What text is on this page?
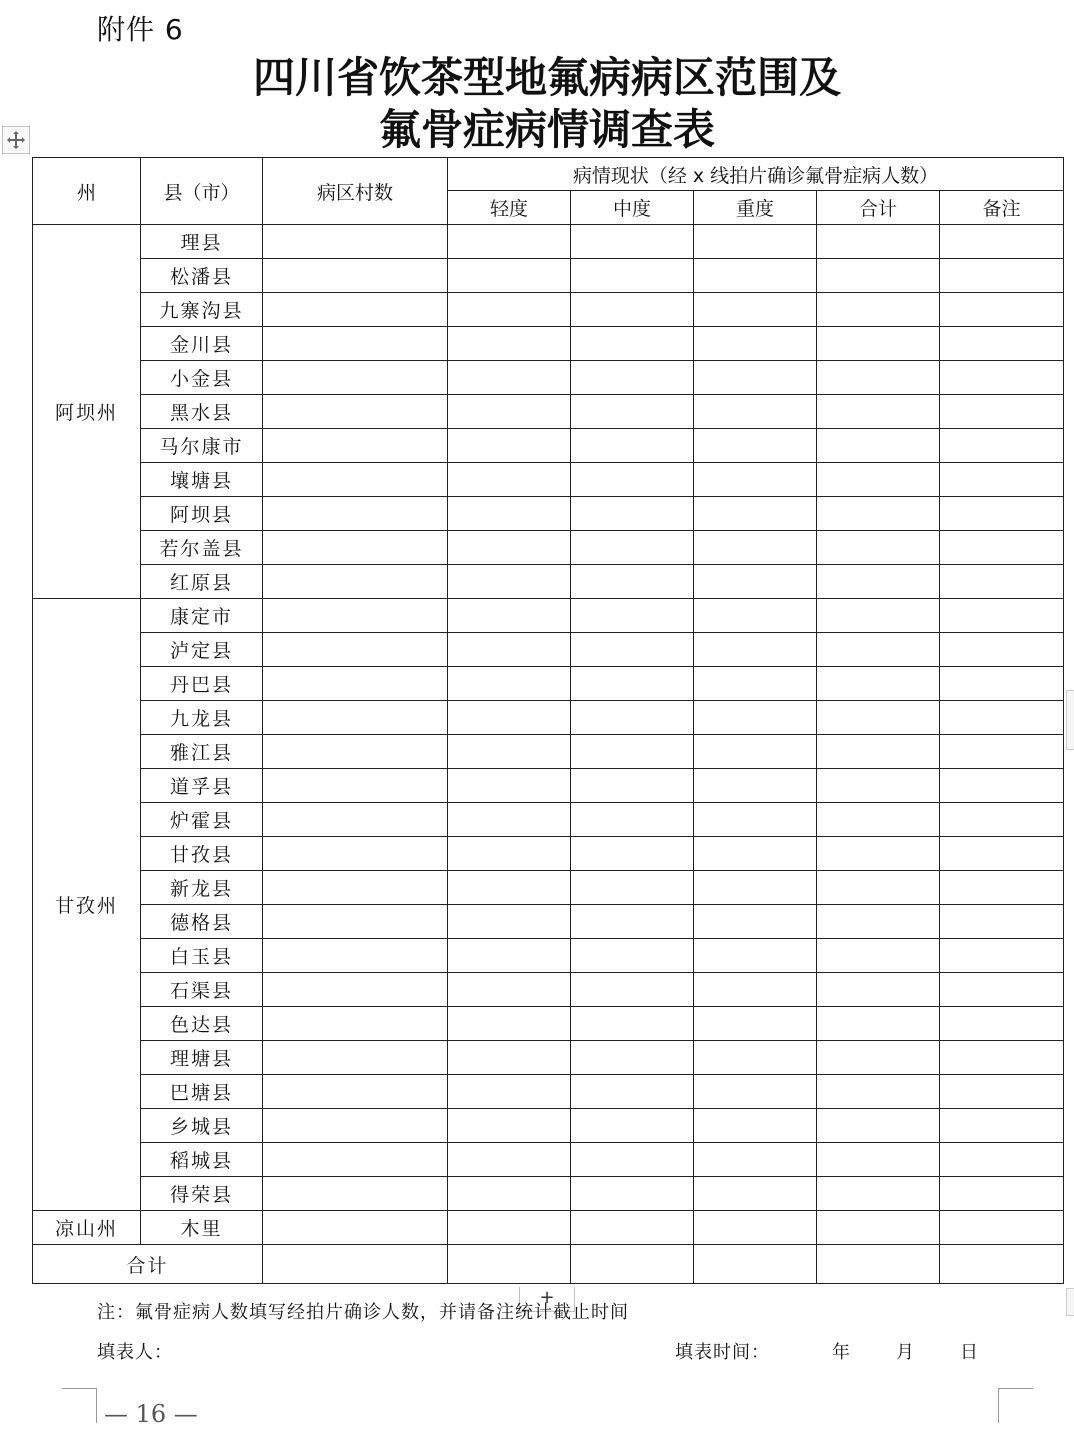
附件 6
四川省饮茶型地氟病病区范围及
氟骨症病情调查表
州	县（市）	病区村数	病情现状（经 x 线拍片确诊氟骨症病人数）				
			轻度	中度	重度	合计	备注
阿坝州	理县						
	松潘县						
	九寨沟县						
	金川县						
	小金县						
	黑水县						
	马尔康市						
	壤塘县						
	阿坝县						
	若尔盖县						
	红原县						
甘孜州	康定市						
	泸定县						
	丹巴县						
	九龙县						
	雅江县						
	道孚县						
	炉霍县						
	甘孜县						
	新龙县						
	德格县						
	白玉县						
	石渠县						
	色达县						
	理塘县						
	巴塘县						
	乡城县						
	稻城县						
	得荣县						
凉山州	木里						
合计							
+
注：氟骨症病人数填写经拍片确诊人数，并请备注统计截止时间
填表人：	填表时间：	年	月	日
— 16 —
